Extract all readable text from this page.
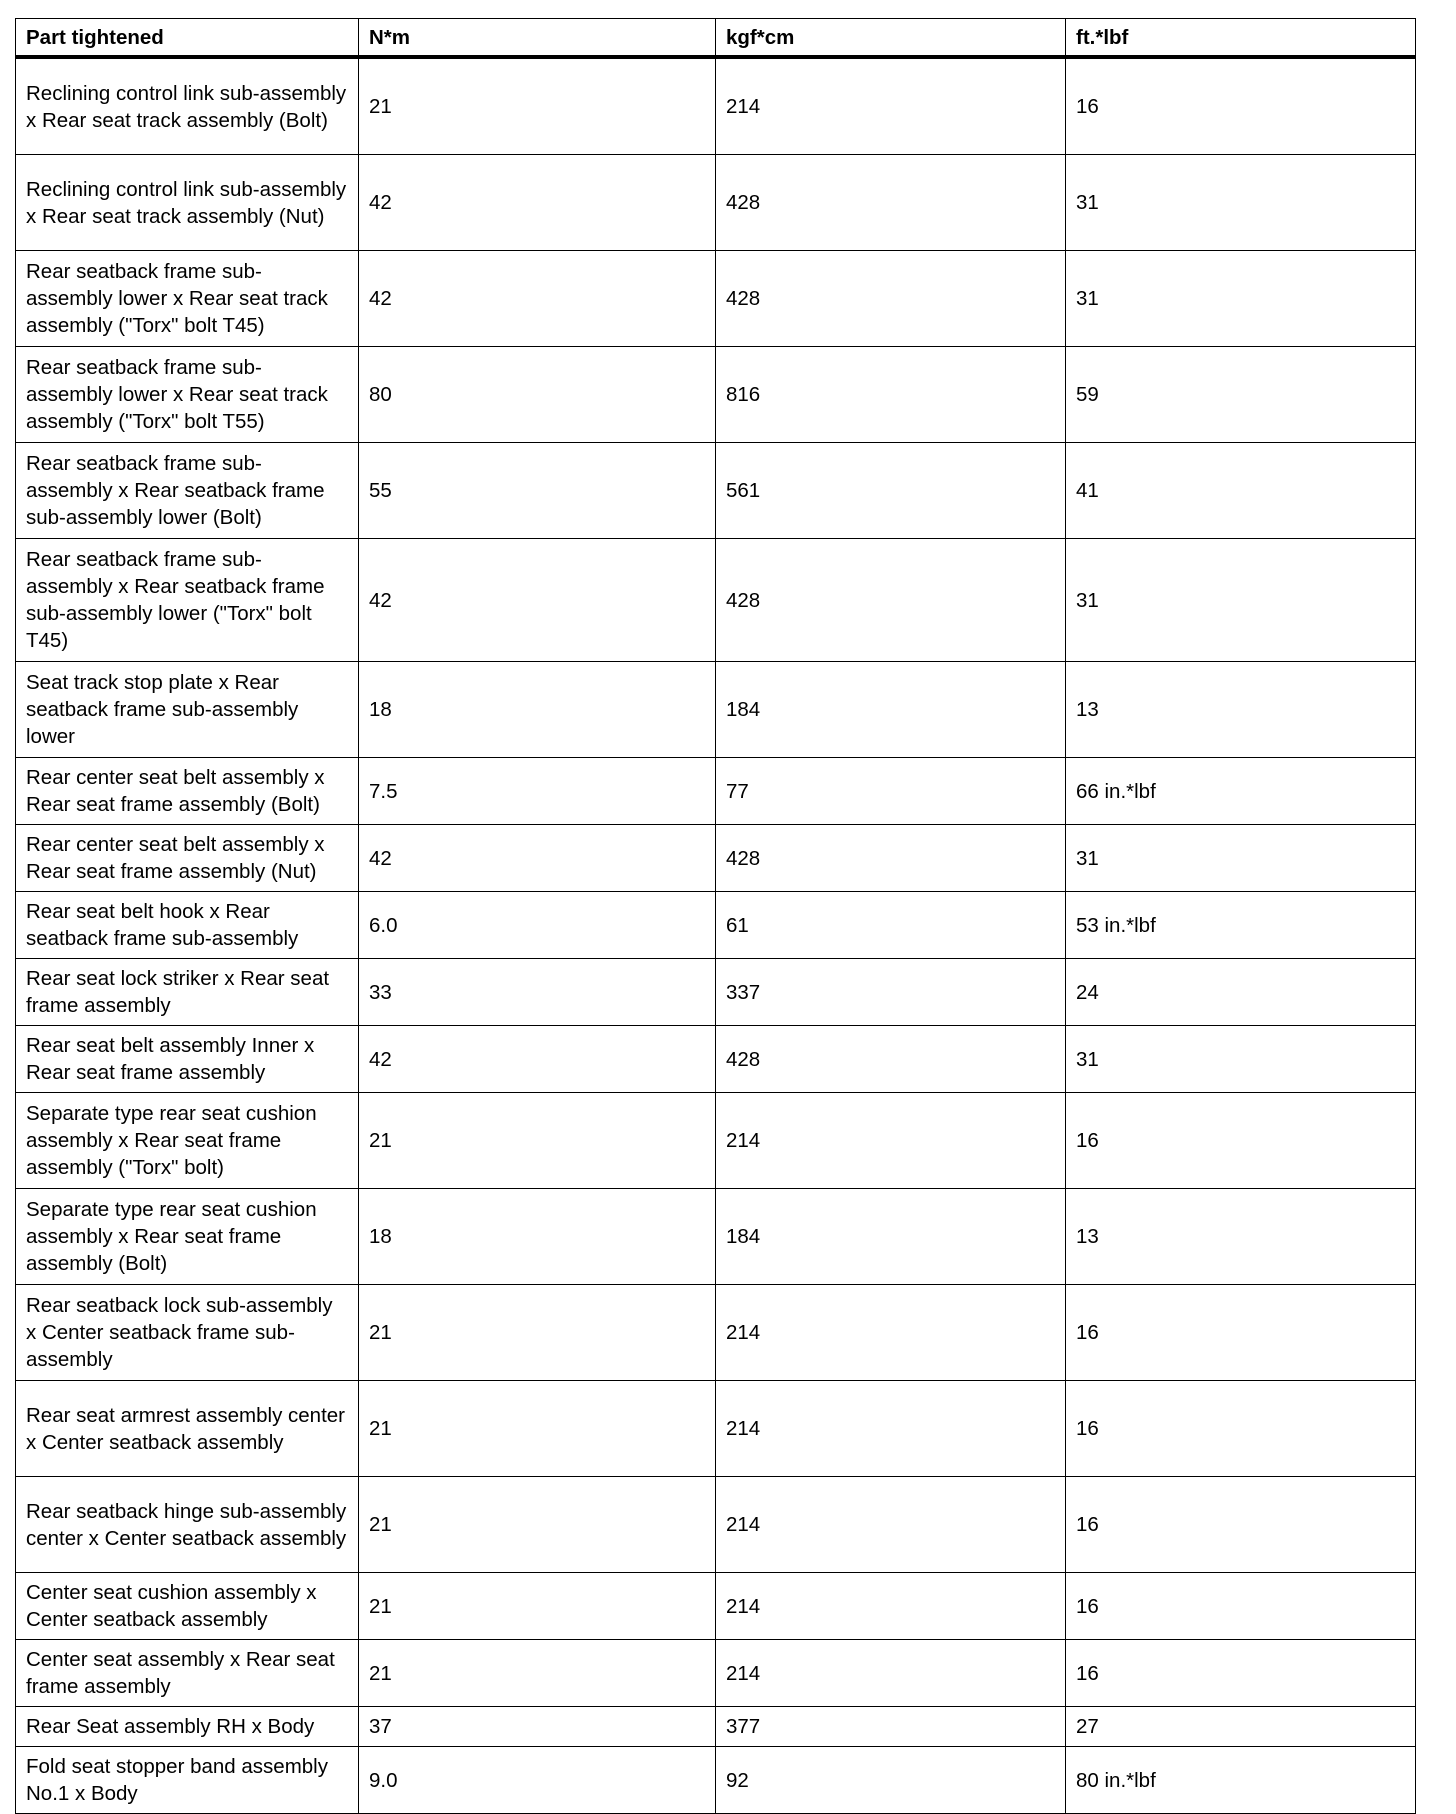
Part tightened	N*m	kgf*cm	ft.*lbf
Reclining control link sub-assembly x Rear seat track assembly (Bolt)	21	214	16
Reclining control link sub-assembly x Rear seat track assembly (Nut)	42	428	31
Rear seatback frame sub-assembly lower x Rear seat track assembly ("Torx" bolt T45)	42	428	31
Rear seatback frame sub-assembly lower x Rear seat track assembly ("Torx" bolt T55)	80	816	59
Rear seatback frame sub-assembly x Rear seatback frame sub-assembly lower (Bolt)	55	561	41
Rear seatback frame sub-assembly x Rear seatback frame sub-assembly lower ("Torx" bolt T45)	42	428	31
Seat track stop plate x Rear seatback frame sub-assembly lower	18	184	13
Rear center seat belt assembly x Rear seat frame assembly (Bolt)	7.5	77	66 in.*lbf
Rear center seat belt assembly x Rear seat frame assembly (Nut)	42	428	31
Rear seat belt hook x Rear seatback frame sub-assembly	6.0	61	53 in.*lbf
Rear seat lock striker x Rear seat frame assembly	33	337	24
Rear seat belt assembly Inner x Rear seat frame assembly	42	428	31
Separate type rear seat cushion assembly x Rear seat frame assembly ("Torx" bolt)	21	214	16
Separate type rear seat cushion assembly x Rear seat frame assembly (Bolt)	18	184	13
Rear seatback lock sub-assembly x Center seatback frame sub-assembly	21	214	16
Rear seat armrest assembly center x Center seatback assembly	21	214	16
Rear seatback hinge sub-assembly center x Center seatback assembly	21	214	16
Center seat cushion assembly x Center seatback assembly	21	214	16
Center seat assembly x Rear seat frame assembly	21	214	16
Rear Seat assembly RH x Body	37	377	27
Fold seat stopper band assembly No.1 x Body	9.0	92	80 in.*lbf
